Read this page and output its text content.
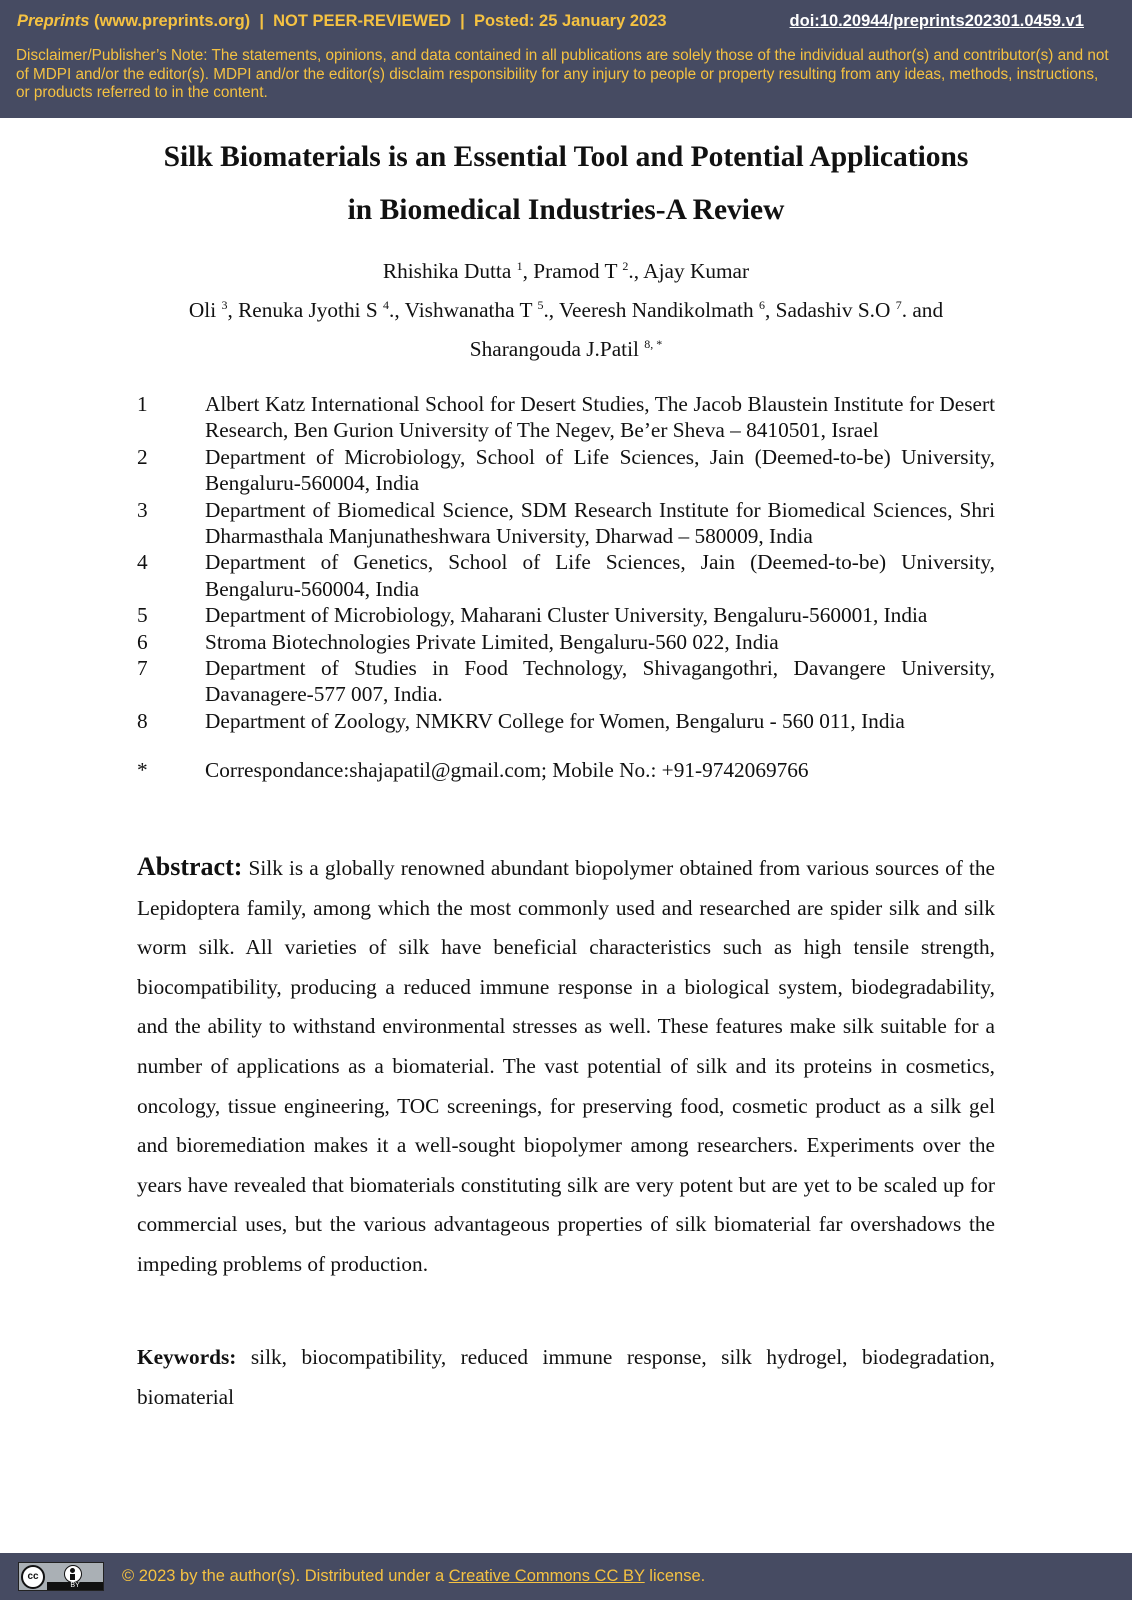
Preprints (www.preprints.org) | NOT PEER-REVIEWED | Posted: 25 January 2023	doi:10.20944/preprints202301.0459.v1
Disclaimer/Publisher’s Note: The statements, opinions, and data contained in all publications are solely those of the individual author(s) and contributor(s) and not of MDPI and/or the editor(s). MDPI and/or the editor(s) disclaim responsibility for any injury to people or property resulting from any ideas, methods, instructions, or products referred to in the content.
Silk Biomaterials is an Essential Tool and Potential Applications
in Biomedical Industries-A Review
Rhishika Dutta $^1$, Pramod T $^2$., Ajay Kumar
Oli $^3$, Renuka Jyothi S $^4$., Vishwanatha T $^5$., Veeresh Nandikolmath $^6$, Sadashiv S.O $^7$. and
Sharangouda J.Patil $^{8, *}$
1	Albert Katz International School for Desert Studies, The Jacob Blaustein Institute for Desert Research, Ben Gurion University of The Negev, Be’er Sheva – 8410501, Israel
2	Department of Microbiology, School of Life Sciences, Jain (Deemed-to-be) University, Bengaluru-560004, India
3	Department of Biomedical Science, SDM Research Institute for Biomedical Sciences, Shri Dharmasthala Manjunatheshwara University, Dharwad – 580009, India
4	Department of Genetics, School of Life Sciences, Jain (Deemed-to-be) University, Bengaluru-560004, India
5	Department of Microbiology, Maharani Cluster University, Bengaluru-560001, India
6	Stroma Biotechnologies Private Limited, Bengaluru-560 022, India
7	Department of Studies in Food Technology, Shivagangothri, Davangere University, Davanagere-577 007, India.
8	Department of Zoology, NMKRV College for Women, Bengaluru - 560 011, India
*	Correspondance:shajapatil@gmail.com; Mobile No.: +91-9742069766
Abstract: Silk is a globally renowned abundant biopolymer obtained from various sources of the Lepidoptera family, among which the most commonly used and researched are spider silk and silk worm silk. All varieties of silk have beneficial characteristics such as high tensile strength, biocompatibility, producing a reduced immune response in a biological system, biodegradability, and the ability to withstand environmental stresses as well. These features make silk suitable for a number of applications as a biomaterial. The vast potential of silk and its proteins in cosmetics, oncology, tissue engineering, TOC screenings, for preserving food, cosmetic product as a silk gel and bioremediation makes it a well-sought biopolymer among researchers. Experiments over the years have revealed that biomaterials constituting silk are very potent but are yet to be scaled up for commercial uses, but the various advantageous properties of silk biomaterial far overshadows the impeding problems of production.
Keywords: silk, biocompatibility, reduced immune response, silk hydrogel, biodegradation, biomaterial
cc
BY
© 2023 by the author(s). Distributed under a Creative Commons CC BY license.
